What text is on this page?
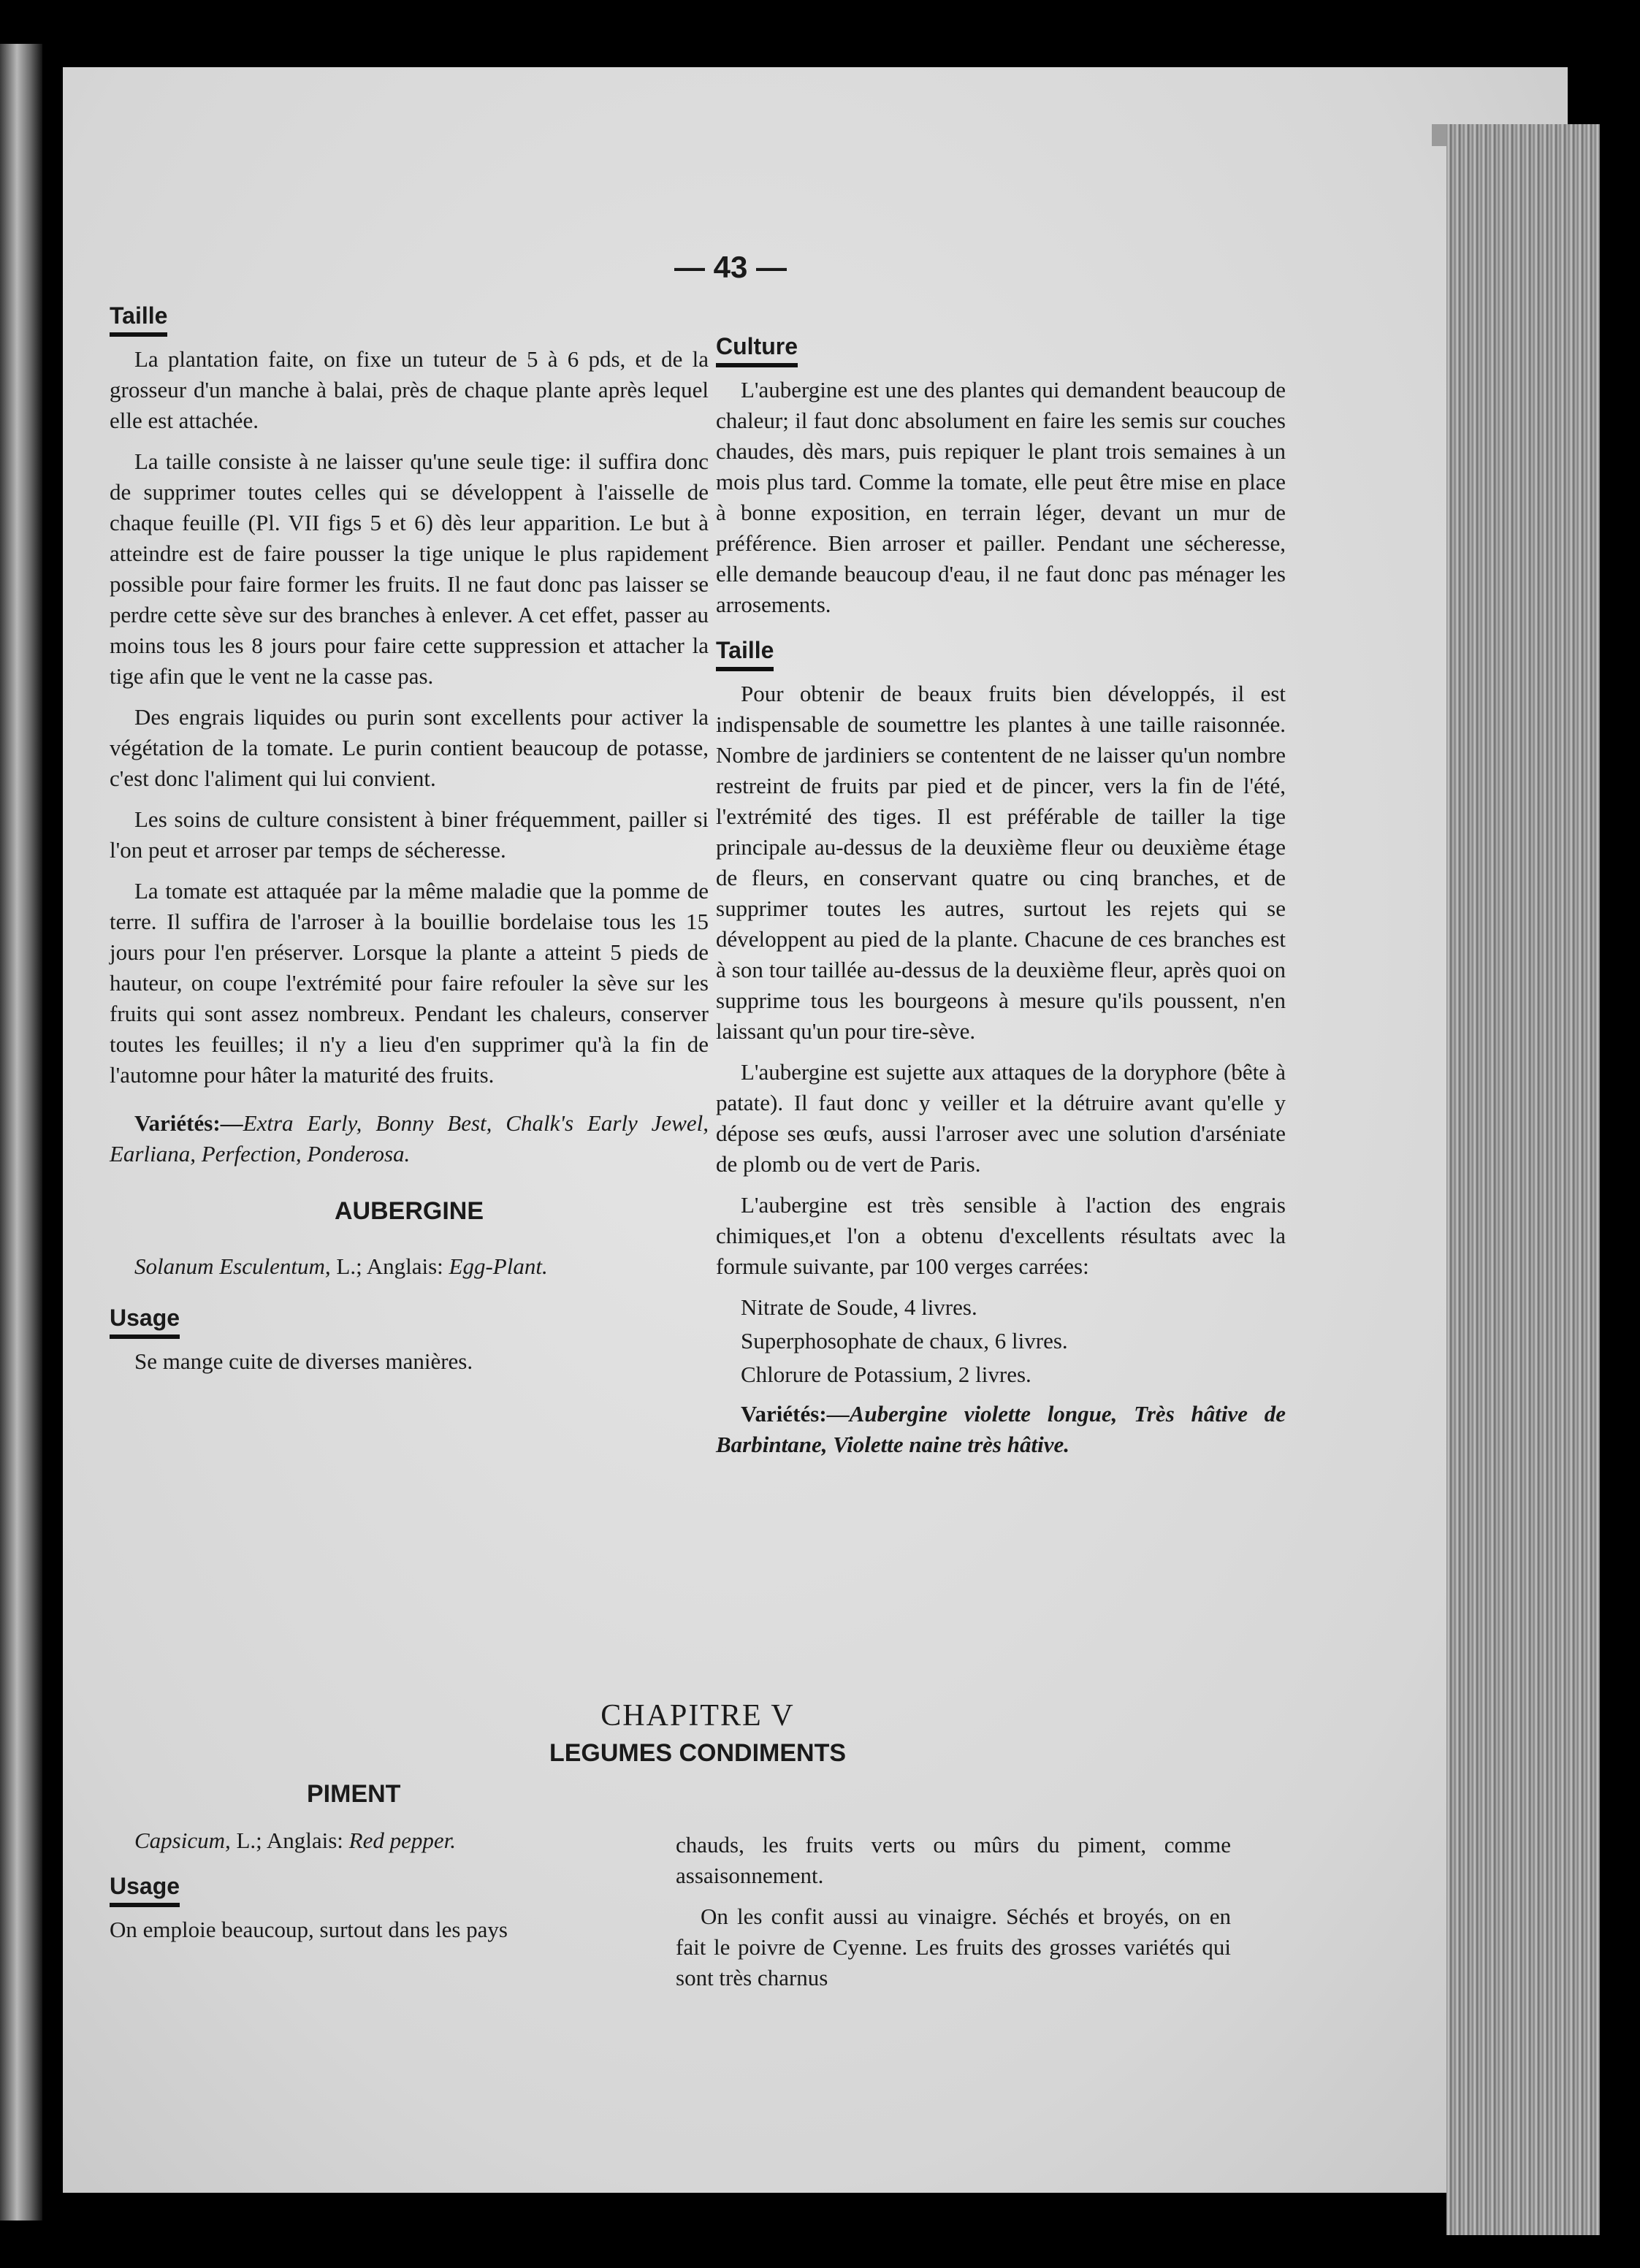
— 43 —
Taille

La plantation faite, on fixe un tuteur de 5 à 6 pds, et de la grosseur d'un manche à balai, près de chaque plante après lequel elle est attachée.

La taille consiste à ne laisser qu'une seule tige: il suffira donc de supprimer toutes celles qui se développent à l'aisselle de chaque feuille (Pl. VII figs 5 et 6) dès leur apparition. Le but à atteindre est de faire pousser la tige unique le plus rapidement possible pour faire former les fruits. Il ne faut donc pas laisser se perdre cette sève sur des branches à enlever. A cet effet, passer au moins tous les 8 jours pour faire cette suppression et attacher la tige afin que le vent ne la casse pas.

Des engrais liquides ou purin sont excellents pour activer la végétation de la tomate. Le purin contient beaucoup de potasse, c'est donc l'aliment qui lui convient.

Les soins de culture consistent à biner fréquemment, pailler si l'on peut et arroser par temps de sécheresse.

La tomate est attaquée par la même maladie que la pomme de terre. Il suffira de l'arroser à la bouillie bordelaise tous les 15 jours pour l'en préserver. Lorsque la plante a atteint 5 pieds de hauteur, on coupe l'extrémité pour faire refouler la sève sur les fruits qui sont assez nombreux. Pendant les chaleurs, conserver toutes les feuilles; il n'y a lieu d'en supprimer qu'à la fin de l'automne pour hâter la maturité des fruits.

Variétés:—Extra Early, Bonny Best, Chalk's Early Jewel, Earliana, Perfection, Ponderosa.

AUBERGINE

Solanum Esculentum, L.; Anglais: Egg-Plant.

Usage

Se mange cuite de diverses manières.

Culture

L'aubergine est une des plantes qui demandent beaucoup de chaleur; il faut donc absolument en faire les semis sur couches chaudes, dès mars, puis repiquer le plant trois semaines à un mois plus tard. Comme la tomate, elle peut être mise en place à bonne exposition, en terrain léger, devant un mur de préférence. Bien arroser et pailler. Pendant une sécheresse, elle demande beaucoup d'eau, il ne faut donc pas ménager les arrosements.

Taille

Pour obtenir de beaux fruits bien développés, il est indispensable de soumettre les plantes à une taille raisonnée. Nombre de jardiniers se contentent de ne laisser qu'un nombre restreint de fruits par pied et de pincer, vers la fin de l'été, l'extrémité des tiges. Il est préférable de tailler la tige principale au-dessus de la deuxième fleur ou deuxième étage de fleurs, en conservant quatre ou cinq branches, et de supprimer toutes les autres, surtout les rejets qui se développent au pied de la plante. Chacune de ces branches est à son tour taillée au-dessus de la deuxième fleur, après quoi on supprime tous les bourgeons à mesure qu'ils poussent, n'en laissant qu'un pour tire-sève.

L'aubergine est sujette aux attaques de la doryphore (bête à patate). Il faut donc y veiller et la détruire avant qu'elle y dépose ses œufs, aussi l'arroser avec une solution d'arséniate de plomb ou de vert de Paris.

L'aubergine est très sensible à l'action des engrais chimiques,et l'on a obtenu d'excellents résultats avec la formule suivante, par 100 verges carrées:

Nitrate de Soude, 4 livres.
Superphosophate de chaux, 6 livres.
Chlorure de Potassium, 2 livres.

Variétés:—Aubergine violette longue, Très hâtive de Barbintane, Violette naine très hâtive.

CHAPITRE V
LEGUMES CONDIMENTS
PIMENT

Capsicum, L.; Anglais: Red pepper.

Usage

On emploie beaucoup, surtout dans les pays

chauds, les fruits verts ou mûrs du piment, comme assaisonnement.

On les confit aussi au vinaigre. Séchés et broyés, on en fait le poivre de Cyenne. Les fruits des grosses variétés qui sont très charnus
